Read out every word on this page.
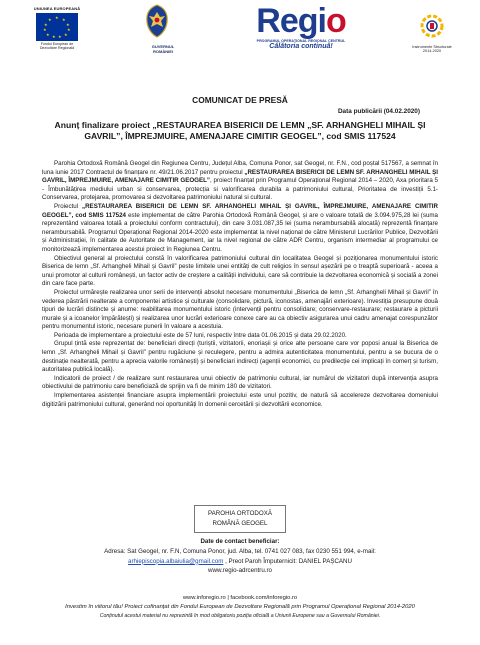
UNIUNEA EUROPEANĂ
★ ★
★
★
★
★
★
★
★
★
★
Fondul European de
Dezvoltare Regională	GUVERNUL ROMÂNIEI
Regio
PROGRAMUL OPERAȚIONAL REGIONAL CENTRUL
Călătoria continuă!	Instrumente Structurale
2014-2020
COMUNICAT DE PRESĂ
Data publicării (04.02.2020)
Anunț finalizare proiect „RESTAURAREA BISERICII DE LEMN „SF. ARHANGHELI MIHAIL ȘI GAVRIL”, ÎMPREJMUIRE, AMENAJARE CIMITIR GEOGEL”, cod SMIS 117524

Parohia Ortodoxă Română Geogel din Regiunea Centru, Județul Alba, Comuna Ponor, sat Geogel, nr. F.N., cod poștal 517567, a semnat în luna iunie 2017 Contractul de finanțare nr. 49/21.06.2017 pentru proiectul „RESTAURAREA BISERICII DE LEMN SF. ARHANGHELI MIHAIL ȘI GAVRIL, ÎMPREJMUIRE, AMENAJARE CIMITIR GEOGEL”, proiect finanțat prin Programul Operațional Regional 2014 – 2020, Axa prioritara 5 - Îmbunătățirea mediului urban si conservarea, protecția si valorificarea durabila a patrimoniului cultural, Prioritatea de investiții 5.1- Conservarea, protejarea, promovarea si dezvoltarea patrimoniului natural si cultural.

Proiectul „RESTAURAREA BISERICII DE LEMN SF. ARHANGHELI MIHAIL ȘI GAVRIL, ÎMPREJMUIRE, AMENAJARE CIMITIR GEOGEL”, cod SMIS 117524 este implementat de către Parohia Ortodoxă Română Geogel, și are o valoare totală de 3.094.975,28 lei (suma reprezentând valoarea totală a proiectului conform contractului), din care 3.031.087,35 lei (suma nerambursabilă alocată) reprezentă finanțare nerambursabilă. Programul Operațional Regional 2014-2020 este implementat la nivel național de către Ministerul Lucrărilor Publice, Dezvoltării și Administrației, în calitate de Autoritate de Management, iar la nivel regional de către ADR Centru, organism intermediar al programului ce monitorizează implementarea acestui proiect în Regiunea Centru.

Obiectivul general al proiectului constă în valorificarea patrimoniului cultural din localitatea Geogel și poziționarea monumentului istoric Biserica de lemn „Sf. Arhangheli Mihail și Gavril” peste limitele unei entități de cult religios în sensul așezării pe o treaptă superioară - aceea a unui promotor al culturii românești, un factor activ de creștere a calității individului, care să contribuie la dezvoltarea economică și socială a zonei din care face parte.

Proiectul urmărește realizarea unor serii de intervenții absolut necesare monumentului „Biserica de lemn „Sf. Arhangheli Mihail și Gavril” în vederea păstrării nealterate a componentei artistice și culturale (consolidare, pictură, iconostas, amenajări exterioare). Investiția presupune două tipuri de lucrări distincte și anume: reabilitarea monumentului istoric (intervenții pentru consolidare; conservare-restaurare; restaurare a picturii murale și a icoanelor împărătești) și realizarea unor lucrări exterioare conexe care au ca obiectiv asigurarea unui cadru amenajat corespunzător pentru monumentul istoric, necesare punerii în valoare a acestuia.

Perioada de implementare a proiectului este de 57 luni, respectiv între data 01.06.2015 și data 29.02.2020.

Grupul țintă este reprezentat de: beneficiari direcți (turiștii, vizitatorii, enoriașii și orice alte persoane care vor poposi anual la Biserica de lemn „Sf. Arhangheli Mihail și Gavril” pentru rugăciune și reculegere, pentru a admira autenticitatea monumentului, pentru a se bucura de o destinație nealterată, pentru a aprecia valorile românești) și beneficiari indirecți (agenții economici, cu predilecție cei implicați în comerț și turism, autoritatea publică locală).

Indicatorii de proiect / de realizare sunt restaurarea unui obiectiv de patrimoniu cultural, iar numărul de vizitatori după intervenția asupra obiectivului de patrimoniu care beneficiază de sprijin va fi de minim 180 de vizitatori.

Implementarea asistenței financiare asupra implementării proiectului este unul pozitiv, de natură să accelereze dezvoltarea domeniului digitizării patrimoniului cultural, generând noi oportunități în domenii cercetării și dezvoltării economice.

PAROHIA ORTODOXĂ
ROMÂNĂ GEOGEL
Date de contact beneficiar:
Adresa: Sat Geogel, nr. F.N, Comuna Ponor, jud. Alba, tel. 0741 027 083, fax 0230 551 994, e-mail:
arhiepiscopia.albaiulia@gmail.com , Preot Paroh Împuternicit: DANIEL PAȘCANU
www.regio-adrcentru.ro
www.inforegio.ro | facebook.com/inforegio.ro
Investim în viitorul tău! Proiect cofinanțat din Fondul European de Dezvoltare Regională prin Programul Operațional Regional 2014-2020
Conținutul acestui material nu reprezintă în mod obligatoriu poziția oficială a Uniunii Europene sau a Guvernului României.
